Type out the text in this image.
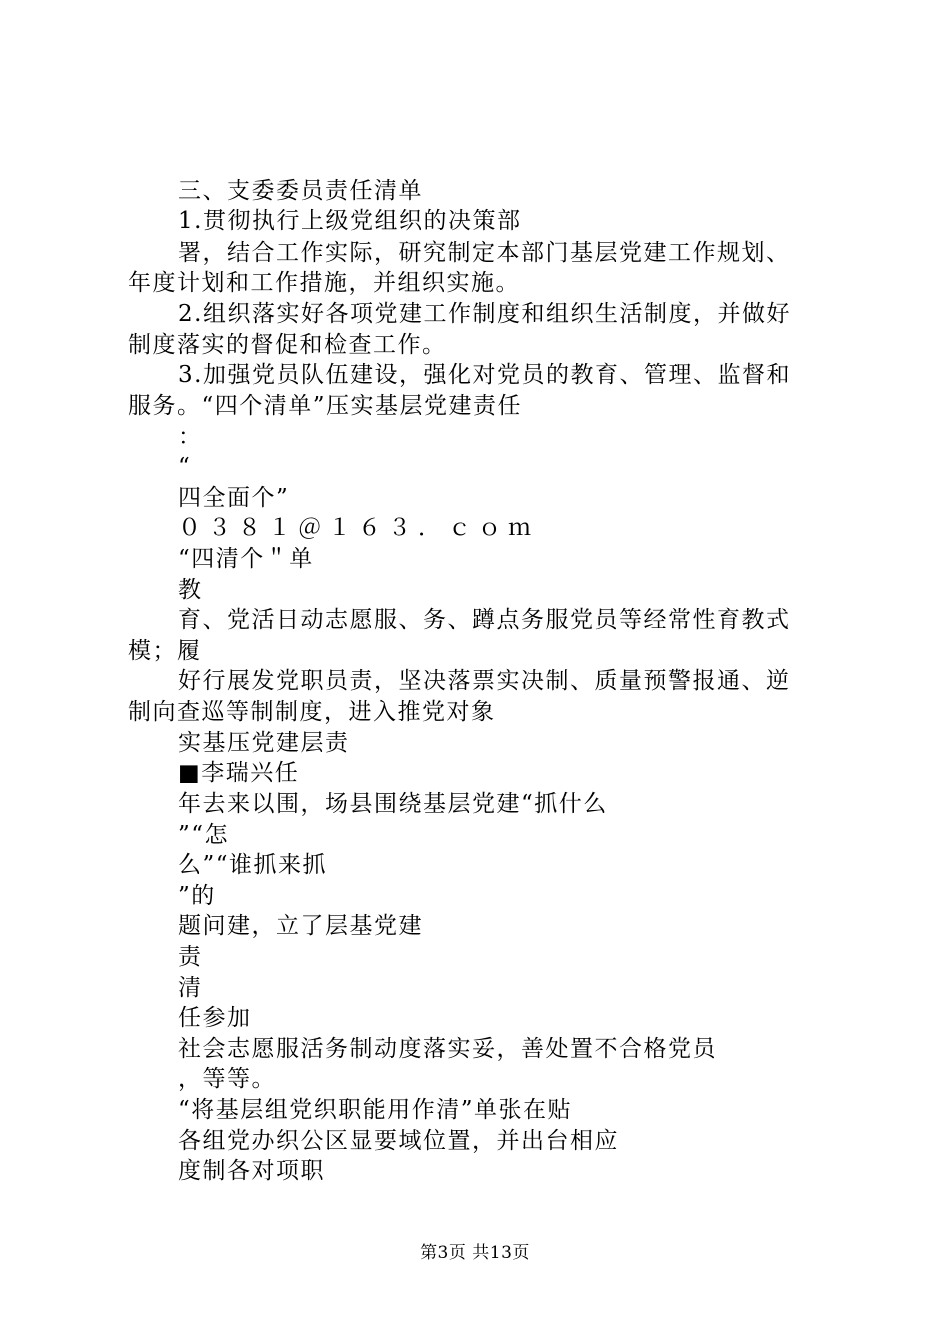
三、支委委员责任清单
1.贯彻执行上级党组织的决策部
署，结合工作实际，研究制定本部门基层党建工作规划、
年度计划和工作措施，并组织实施。
2.组织落实好各项党建工作制度和组织生活制度，并做好
制度落实的督促和检查工作。
3.加强党员队伍建设，强化对党员的教育、管理、监督和
服务。“四个清单”压实基层党建责任
：
“
四全面个”
０３８１＠１６３．ｃｏｍ
“四清个＂单
教
育、党活日动志愿服、务、蹲点务服党员等经常性育教式
模；履
好行展发党职员责，坚决落票实决制、质量预警报通、逆
制向查巡等制制度，进入推党对象
实基压党建层责
■李瑞兴任
年去来以围，场县围绕基层党建“抓什么
”“怎
么”“谁抓来抓
”的
题问建，立了层基党建
责
清
任参加
社会志愿服活务制动度落实妥，善处置不合格党员
，等等。
“将基层组党织职能用作清”单张在贴
各组党办织公区显要域位置，并出台相应
度制各对项职
第3页 共13页
